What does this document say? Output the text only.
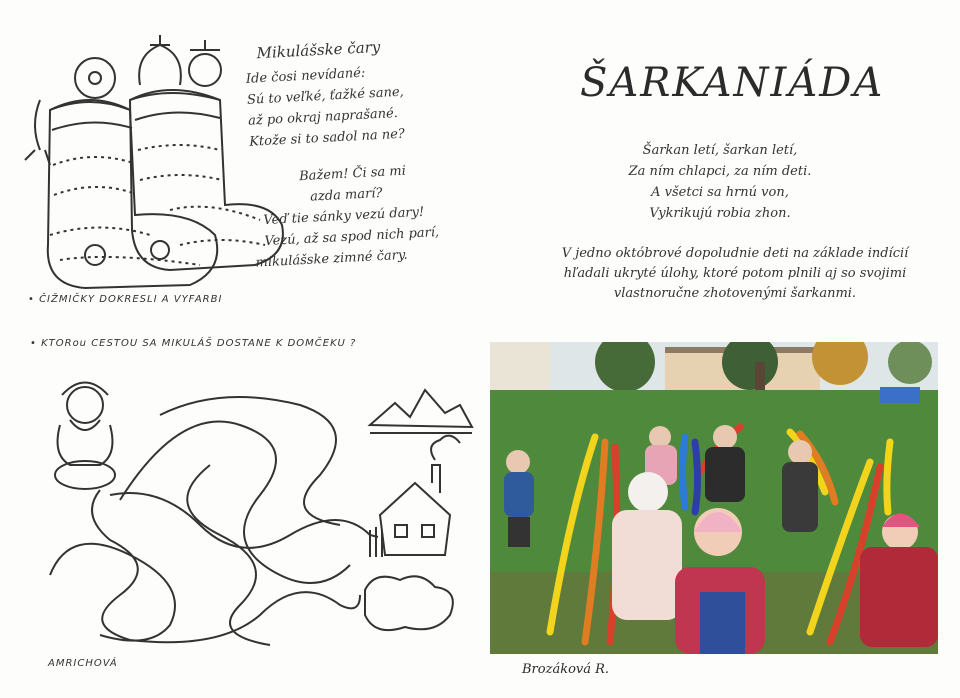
Mikulášske čary
Ide čosi nevídané:
Sú to veľké, ťažké sane,
až po okraj naprašané.
Ktože si to sadol na ne?
Bažem! Či sa mi
azda marí?
Veď tie sánky vezú dary!
Vezú, až sa spod nich parí,
mikulášske zimné čary.
• ČIŽMIČKY DOKRESLI A VYFARBI
• KTORou CESTOU SA MIKULÁŠ DOSTANE K DOMČEKU ?
AMRICHOVÁ
ŠARKANIÁDA
Šarkan letí, šarkan letí,
Za ním chlapci, za ním deti.
A všetci sa hrnú von,
Vykrikujú robia zhon.
V jedno októbrové dopoludnie deti na základe indícií hľadali ukryté úlohy, ktoré potom plnili aj so svojimi vlastnoručne zhotovenými šarkanmi.
Brozáková R.
